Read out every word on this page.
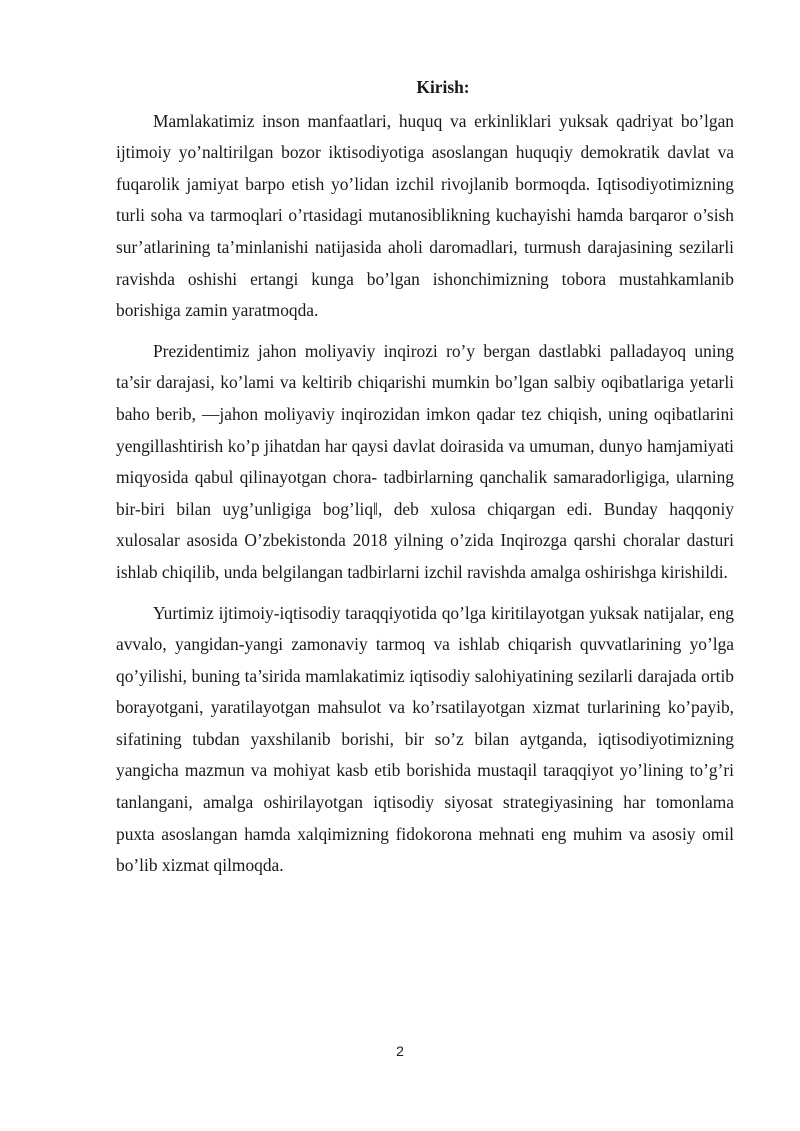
Kirish:

Mamlakatimiz inson manfaatlari, huquq va erkinliklari yuksak qadriyat bo’lgan ijtimoiy yo’naltirilgan bozor iktisodiyotiga asoslangan huquqiy demokratik davlat va fuqarolik jamiyat barpo etish yo’lidan izchil rivojlanib bormoqda. Iqtisodiyotimizning turli soha va tarmoqlari o’rtasidagi mutanosiblikning kuchayishi hamda barqaror o’sish sur’atlarining ta’minlanishi natijasida aholi daromadlari, turmush darajasining sezilarli ravishda oshishi ertangi kunga bo’lgan ishonchimizning tobora mustahkamlanib borishiga zamin yaratmoqda.

Prezidentimiz jahon moliyaviy inqirozi ro’y bergan dastlabki palladayoq uning ta’sir darajasi, ko’lami va keltirib chiqarishi mumkin bo’lgan salbiy oqibatlariga yetarli baho berib, ―jahon moliyaviy inqirozidan imkon qadar tez chiqish, uning oqibatlarini yengillashtirish ko’p jihatdan har qaysi davlat doirasida va umuman, dunyo hamjamiyati miqyosida qabul qilinayotgan chora- tadbirlarning qanchalik samaradorligiga, ularning bir-biri bilan uyg’unligiga bog’liq‖, deb xulosa chiqargan edi. Bunday haqqoniy xulosalar asosida O’zbekistonda 2018 yilning o’zida Inqirozga qarshi choralar dasturi ishlab chiqilib, unda belgilangan tadbirlarni izchil ravishda amalga oshirishga kirishildi.

Yurtimiz ijtimoiy-iqtisodiy taraqqiyotida qo’lga kiritilayotgan yuksak natijalar, eng avvalo, yangidan-yangi zamonaviy tarmoq va ishlab chiqarish quvvatlarining yo’lga qo’yilishi, buning ta’sirida mamlakatimiz iqtisodiy salohiyatining sezilarli darajada ortib borayotgani, yaratilayotgan mahsulot va ko’rsatilayotgan xizmat turlarining ko’payib, sifatining tubdan yaxshilanib borishi, bir so’z bilan aytganda, iqtisodiyotimizning yangicha mazmun va mohiyat kasb etib borishida mustaqil taraqqiyot yo’lining to’g’ri tanlangani, amalga oshirilayotgan iqtisodiy siyosat strategiyasining har tomonlama puxta asoslangan hamda xalqimizning fidokorona mehnati eng muhim va asosiy omil bo’lib xizmat qilmoqda.

2
